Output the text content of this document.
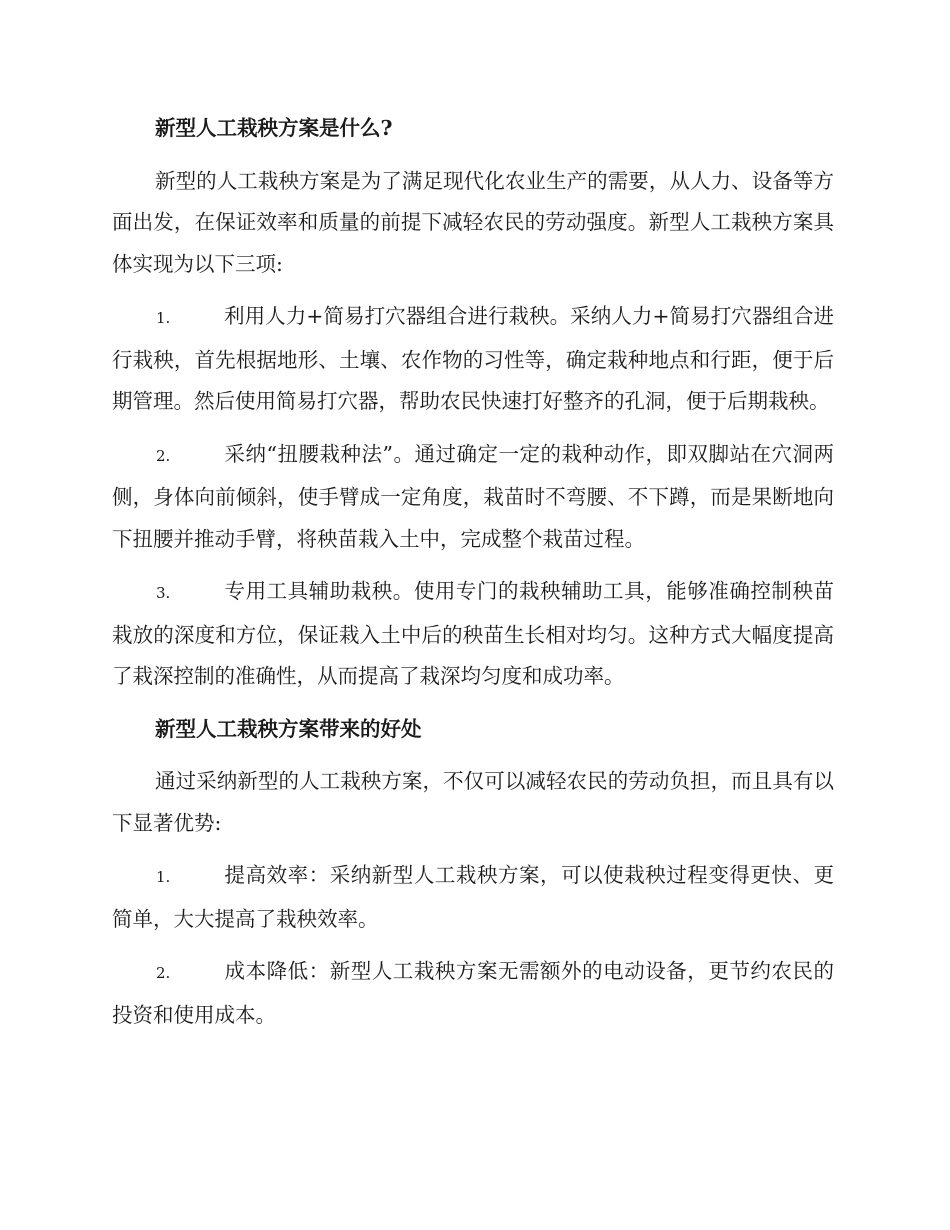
新型人工栽秧方案是什么?
新型的人工栽秧方案是为了满足现代化农业生产的需要，从人力、设备等方面出发，在保证效率和质量的前提下减轻农民的劳动强度。新型人工栽秧方案具体实现为以下三项:
1.	利用人力+简易打穴器组合进行栽秧。采纳人力+简易打穴器组合进行栽秧，首先根据地形、土壤、农作物的习性等，确定栽种地点和行距，便于后期管理。然后使用简易打穴器，帮助农民快速打好整齐的孔洞，便于后期栽秧。
2.	采纳“扭腰栽种法”。通过确定一定的栽种动作，即双脚站在穴洞两侧，身体向前倾斜，使手臂成一定角度，栽苗时不弯腰、不下蹲，而是果断地向下扭腰并推动手臂，将秧苗栽入土中，完成整个栽苗过程。
3.	专用工具辅助栽秧。使用专门的栽秧辅助工具，能够准确控制秧苗栽放的深度和方位，保证栽入土中后的秧苗生长相对均匀。这种方式大幅度提高了栽深控制的准确性，从而提高了栽深均匀度和成功率。
新型人工栽秧方案带来的好处
通过采纳新型的人工栽秧方案，不仅可以减轻农民的劳动负担，而且具有以下显著优势:
1.	提高效率：采纳新型人工栽秧方案，可以使栽秧过程变得更快、更简单，大大提高了栽秧效率。
2.	成本降低：新型人工栽秧方案无需额外的电动设备，更节约农民的投资和使用成本。
